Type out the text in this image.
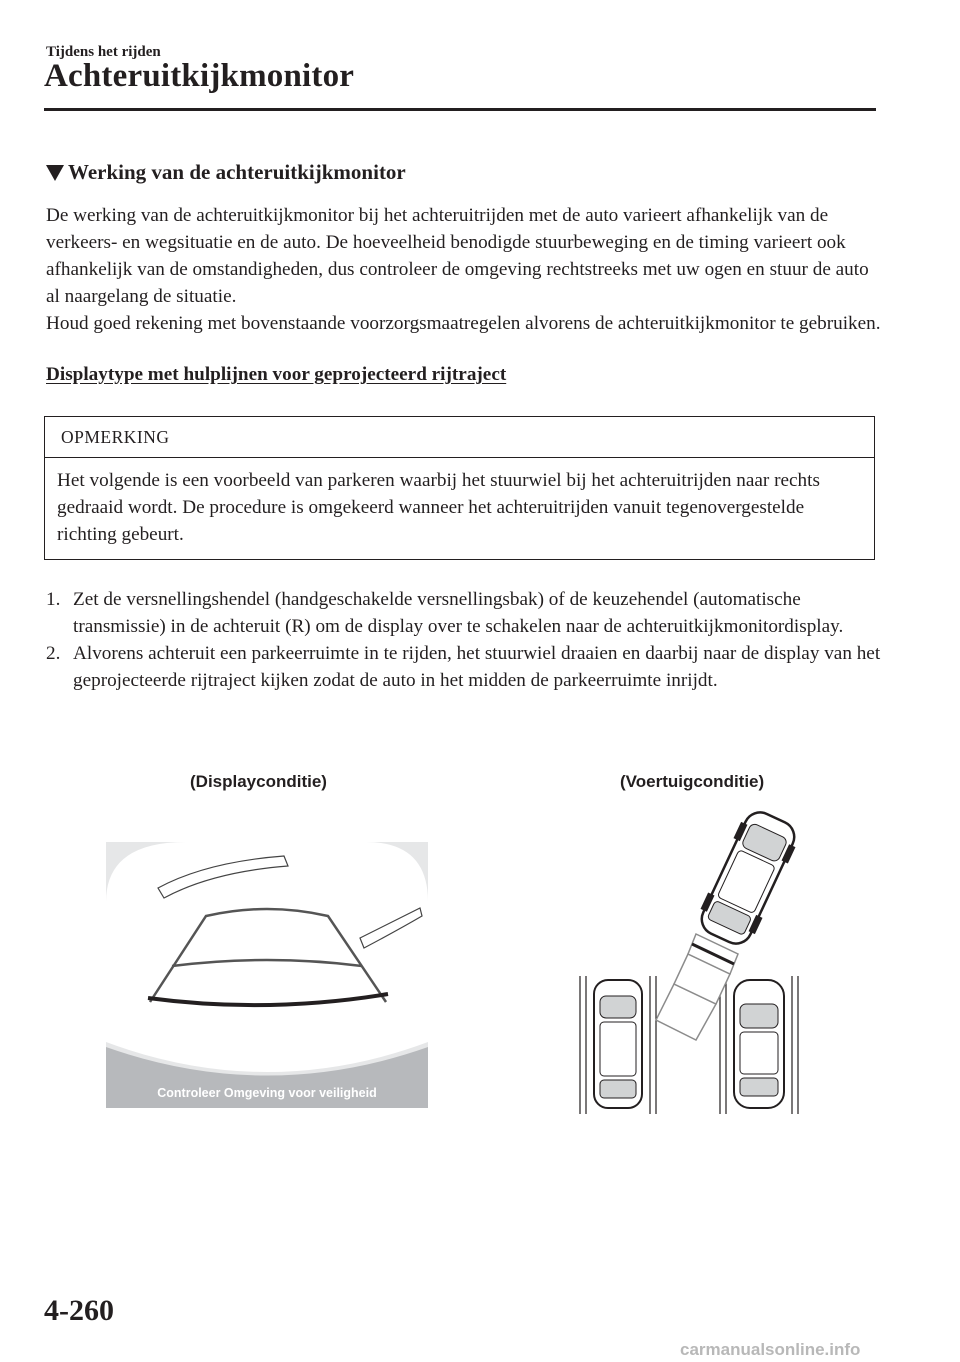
Tijdens het rijden
Achteruitkijkmonitor
Werking van de achteruitkijkmonitor
De werking van de achteruitkijkmonitor bij het achteruitrijden met de auto varieert afhankelijk van de verkeers- en wegsituatie en de auto. De hoeveelheid benodigde stuurbeweging en de timing varieert ook afhankelijk van de omstandigheden, dus controleer de omgeving rechtstreeks met uw ogen en stuur de auto al naargelang de situatie.
Houd goed rekening met bovenstaande voorzorgsmaatregelen alvorens de achteruitkijkmonitor te gebruiken.
Displaytype met hulplijnen voor geprojecteerd rijtraject
OPMERKING
Het volgende is een voorbeeld van parkeren waarbij het stuurwiel bij het achteruitrijden naar rechts gedraaid wordt. De procedure is omgekeerd wanneer het achteruitrijden vanuit tegenovergestelde richting gebeurt.
1. Zet de versnellingshendel (handgeschakelde versnellingsbak) of de keuzehendel (automatische transmissie) in de achteruit (R) om de display over te schakelen naar de achteruitkijkmonitordisplay.
2. Alvorens achteruit een parkeerruimte in te rijden, het stuurwiel draaien en daarbij naar de display van het geprojecteerde rijtraject kijken zodat de auto in het midden de parkeerruimte inrijdt.
(Displayconditie)	(Voertuigconditie)
Controleer Omgeving voor veiligheid
4-260
carmanualsonline.info
